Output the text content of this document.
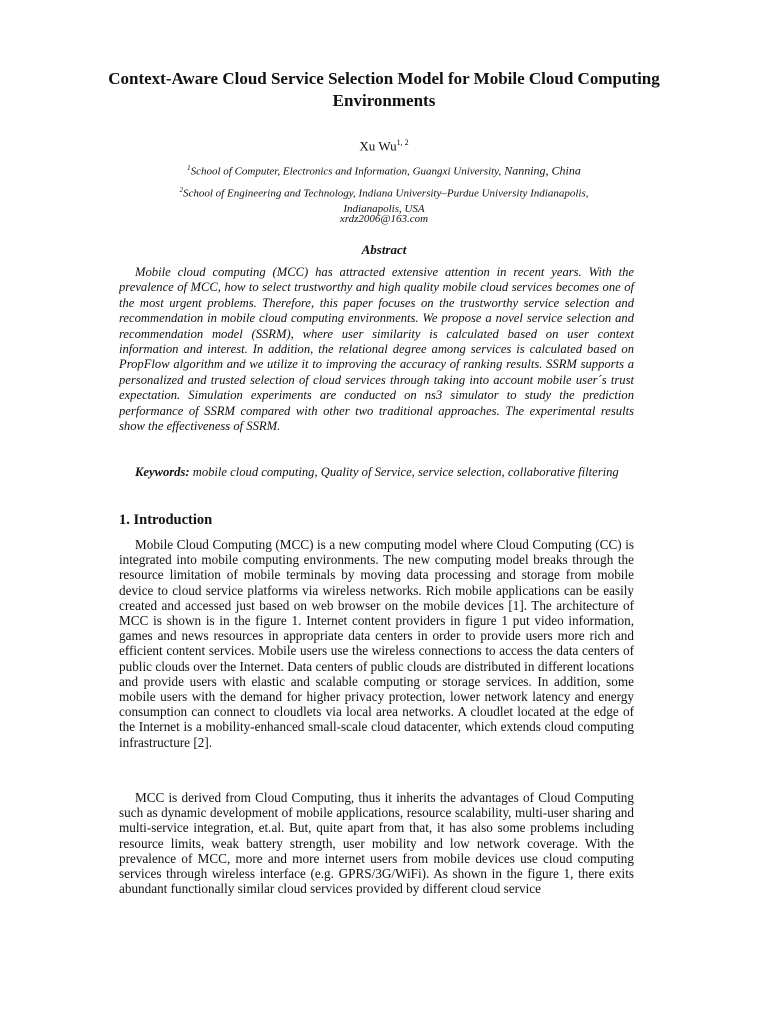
Context-Aware Cloud Service Selection Model for Mobile Cloud Computing Environments
Xu Wu$^{1, 2}$
$^1$School of Computer, Electronics and Information, Guangxi University, Nanning, China
$^2$School of Engineering and Technology, Indiana University–Purdue University Indianapolis, Indianapolis, USA
xrdz2006@163.com
Abstract

Mobile cloud computing (MCC) has attracted extensive attention in recent years. With the prevalence of MCC, how to select trustworthy and high quality mobile cloud services becomes one of the most urgent problems. Therefore, this paper focuses on the trustworthy service selection and recommendation in mobile cloud computing environments. We propose a novel service selection and recommendation model (SSRM), where user similarity is calculated based on user context information and interest. In addition, the relational degree among services is calculated based on PropFlow algorithm and we utilize it to improving the accuracy of ranking results. SSRM supports a personalized and trusted selection of cloud services through taking into account mobile user´s trust expectation. Simulation experiments are conducted on ns3 simulator to study the prediction performance of SSRM compared with other two traditional approaches. The experimental results show the effectiveness of SSRM.

Keywords: mobile cloud computing, Quality of Service, service selection, collaborative filtering

1. Introduction

Mobile Cloud Computing (MCC) is a new computing model where Cloud Computing (CC) is integrated into mobile computing environments. The new computing model breaks through the resource limitation of mobile terminals by moving data processing and storage from mobile device to cloud service platforms via wireless networks. Rich mobile applications can be easily created and accessed just based on web browser on the mobile devices [1]. The architecture of MCC is shown is in the figure 1. Internet content providers in figure 1 put video information, games and news resources in appropriate data centers in order to provide users more rich and efficient content services. Mobile users use the wireless connections to access the data centers of public clouds over the Internet. Data centers of public clouds are distributed in different locations and provide users with elastic and scalable computing or storage services. In addition, some mobile users with the demand for higher privacy protection, lower network latency and energy consumption can connect to cloudlets via local area networks. A cloudlet located at the edge of the Internet is a mobility-enhanced small-scale cloud datacenter, which extends cloud computing infrastructure [2].

MCC is derived from Cloud Computing, thus it inherits the advantages of Cloud Computing such as dynamic development of mobile applications, resource scalability, multi-user sharing and multi-service integration, et.al. But, quite apart from that, it has also some problems including resource limits, weak battery strength, user mobility and low network coverage. With the prevalence of MCC, more and more internet users from mobile devices use cloud computing services through wireless interface (e.g. GPRS/3G/WiFi). As shown in the figure 1, there exits abundant functionally similar cloud services provided by different cloud service
